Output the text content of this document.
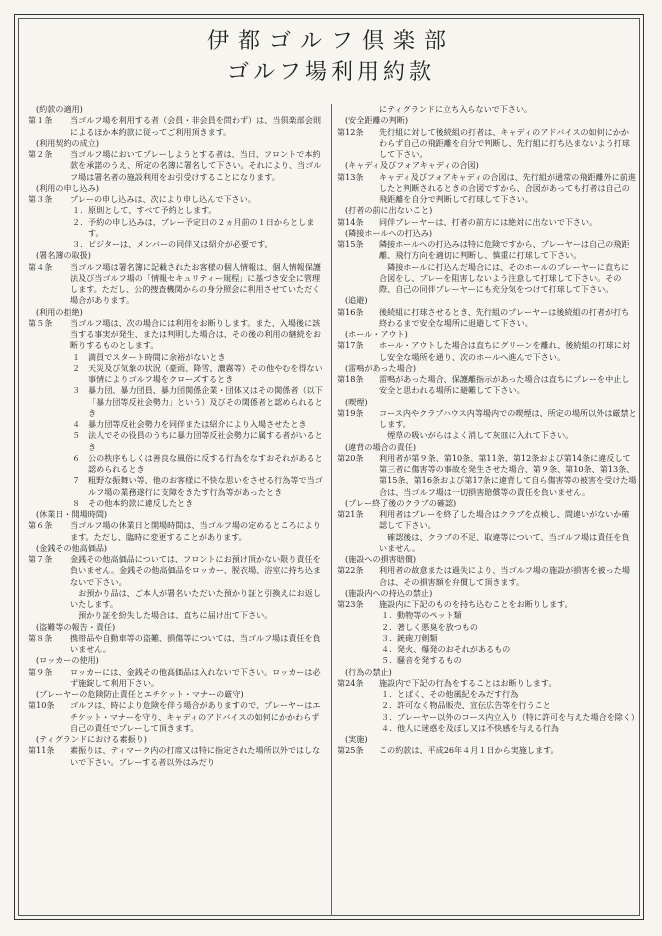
伊都ゴルフ倶楽部
ゴルフ場利用約款
(約款の適用)
第１条	当ゴルフ場を利用する者（会員・非会員を問わず）は、当倶楽部会則によるほか本約款に従ってご利用頂きます。
(利用契約の成立)
第２条	当ゴルフ場においてプレーしようとする者は、当日、フロントで本約款を承諾のうえ、所定の名簿に署名して下さい。それにより、当ゴルフ場は署名者の施設利用をお引受けすることになります。
(利用の申し込み)
第３条	プレーの申し込みは、次により申し込んで下さい。
１. 原則として、すべて予約とします。
２. 予約の申し込みは、プレー予定日の２ヵ月前の１日からとします。
３. ビジターは、メンバーの同伴又は紹介が必要です。
(署名簿の取扱)
第４条	当ゴルフ場は署名簿に記載されたお客様の個人情報は、個人情報保護法及び当ゴルフ場の「情報セキュリティー規程」に基づき安全に管理します。ただし、公的捜査機関からの身分照会に利用させていただく場合があります。
(利用の拒絶)
第５条	当ゴルフ場は、次の場合には利用をお断りします。また、入場後に該当する事実が発生、または判明した場合は、その後の利用の継続をお断りするものとします。
１ 満員でスタート時間に余裕がないとき
２ 天災及び気象の状況（豪雨、降雪、濃霧等）その他やむを得ない事情によりゴルフ場をクローズするとき
３ 暴力団、暴力団員、暴力団関係企業・団体又はその関係者（以下「暴力団等反社会勢力」という）及びその関係者と認められるとき
４ 暴力団等反社会勢力を同伴または紹介により入場させたとき
５ 法人でその役員のうちに暴力団等反社会勢力に属する者がいるとき
６ 公の秩序もしくは善良な風俗に反する行為をなすおそれがあると認められるとき
７ 粗野な振舞い等、他のお客様に不快な思いをさせる行為等で当ゴルフ場の業務遂行に支障をきたす行為等があったとき
８ その他本約款に違反したとき
(休業日・開場時間)
第６条	当ゴルフ場の休業日と開場時間は、当ゴルフ場の定めるところによります。ただし、臨時に変更することがあります。
(金銭その他高価品)
第７条	金銭その他高価品については、フロントにお預け頂かない限り責任を負いません。金銭その他高価品をロッカー、脱衣場、浴室に持ち込まないで下さい。
お預かり品は、ご本人が署名いただいた預かり証と引換えにお返しいたします。
預かり証を紛失した場合は、直ちに届け出て下さい。
(盗難等の報告・責任)
第８条	携帯品や自動車等の盗難、損傷等については、当ゴルフ場は責任を負いません。
(ロッカーの使用)
第９条	ロッカーには、金銭その他高価品は入れないで下さい。ロッカーは必ず施錠して利用下さい。
(プレーヤーの危険防止責任とエチケット・マナーの厳守)
第10条	ゴルフは、時により危険を伴う場合がありますので、プレーヤーはエチケット・マナーを守り、キャディのアドバイスの如何にかかわらず自己の責任でプレーして頂きます。
(ティグランドにおける素振り)
第11条	素振りは、ティマーク内の打席又は特に指定された場所以外ではしないで下さい。プレーする者以外はみだり
にティグランドに立ち入らないで下さい。
(安全距離の判断)
第12条	先行組に対して後続組の打者は、キャディのアドバイスの如何にかかわらず自己の飛距離を自分で判断し、先行組に打ち込まないよう打球して下さい。
(キャディ及びフォアキャディの合図)
第13条	キャディ及びフォアキャディの合図は、先行組が通常の飛距離外に前進したと判断されるときの合図ですから、合図があっても打者は自己の飛距離を自分で判断して打球して下さい。
(打者の前に出ないこと)
第14条	同伴プレーヤーは、打者の前方には絶対に出ないで下さい。
(隣接ホールへの打込み)
第15条	隣接ホールへの打込みは特に危険ですから、プレーヤーは自己の飛距離、飛行方向を適切に判断し、慎重に打球して下さい。
隣接ホールに打込んだ場合には、そのホールのプレーヤーに直ちに合図をし、プレーを阻害しないよう注意して打球して下さい。その際、自己の同伴プレーヤーにも充分気をつけて打球して下さい。
(追避)
第16条	後続組に打球させるとき、先行組のプレーヤーは後続組の打者が打ち終わるまで安全な場所に退避して下さい。
(ホール・アウト)
第17条	ホール・アウトした場合は直ちにグリーンを離れ、後続組の打球に対し安全な場所を通り、次のホールへ進んで下さい。
(雷鳴があった場合)
第18条	雷鳴があった場合、保護離指示があった場合は直ちにプレーを中止し安全と思われる場所に避難して下さい。
(喫煙)
第19条	コース内やクラブハウス内等場内での喫煙は、所定の場所以外は厳禁とします。
煙草の吸いがらはよく消して灰皿に入れて下さい。
(違背の場合の責任)
第20条	利用者が第９条、第10条、第11条、第12条および第14条に違反して第三者に傷害等の事故を発生させた場合、第９条、第10条、第13条、第15条、第16条および第17条に違背して自ら傷害等の被害を受けた場合は、当ゴルフ場は一切損害賠償等の責任を負いません。
(プレー終了後のクラブの確認)
第21条	利用者はプレーを終了した場合はクラブを点検し、間違いがないか確認して下さい。
確認後は、クラブの不足、取違等について、当ゴルフ場は責任を負いません。
(施設への損害賠償)
第22条	利用者の故意または過失により、当ゴルフ場の施設が損害を被った場合は、その損害額を弁償して頂きます。
(施設内への持込の禁止)
第23条	施設内に下記のものを持ち込むことをお断りします。
１. 動物等のペット類
２. 著しく悪臭を放つもの
３. 銃砲刀剣類
４. 発火、爆発のおそれがあるもの
５. 騒音を発するもの
(行為の禁止)
第24条	施設内で下記の行為をすることはお断りします。
１. とばく、その他風紀をみだす行為
２. 許可なく物品販売、宣伝広告等を行うこと
３. プレーヤー以外のコース内立入り（特に許可を与えた場合を除く）
４. 他人に迷惑を及ぼし又は不快感を与える行為
(実施)
第25条	この約款は、平成26年４月１日から実施します。
